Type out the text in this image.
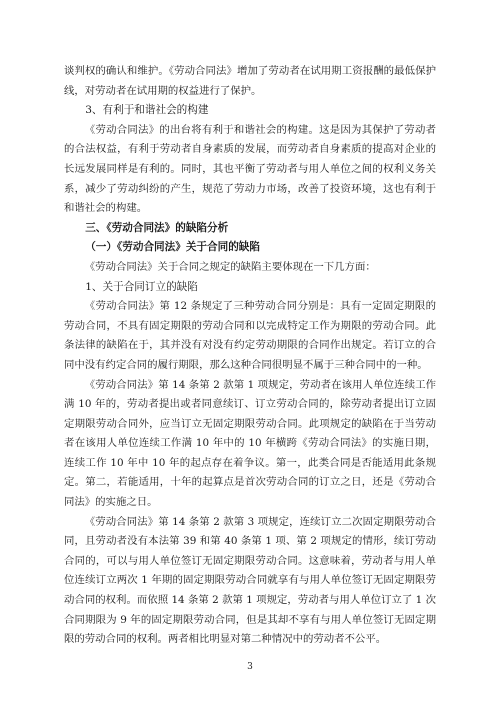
谈判权的确认和维护。《劳动合同法》增加了劳动者在试用期工资报酬的最低保护线，对劳动者在试用期的权益进行了保护。

3、有利于和谐社会的构建

《劳动合同法》的出台将有利于和谐社会的构建。这是因为其保护了劳动者的合法权益，有利于劳动者自身素质的发展，而劳动者自身素质的提高对企业的长远发展同样是有利的。同时，其也平衡了劳动者与用人单位之间的权利义务关系，减少了劳动纠纷的产生，规范了劳动力市场，改善了投资环境，这也有利于和谐社会的构建。

三、《劳动合同法》的缺陷分析

（一）《劳动合同法》关于合同的缺陷

《劳动合同法》关于合同之规定的缺陷主要体现在一下几方面：

1、关于合同订立的缺陷

《劳动合同法》第 12 条规定了三种劳动合同分别是：具有一定固定期限的劳动合同，不具有固定期限的劳动合同和以完成特定工作为期限的劳动合同。此条法律的缺陷在于，其并没有对没有约定劳动期限的合同作出规定。若订立的合同中没有约定合同的履行期限，那么这种合同很明显不属于三种合同中的一种。

《劳动合同法》第 14 条第 2 款第 1 项规定，劳动者在该用人单位连续工作满 10 年的，劳动者提出或者同意续订、订立劳动合同的，除劳动者提出订立固定期限劳动合同外，应当订立无固定期限劳动合同。此项规定的缺陷在于当劳动者在该用人单位连续工作满 10 年中的 10 年横跨《劳动合同法》的实施日期，连续工作 10 年中 10 年的起点存在着争议。第一，此类合同是否能适用此条规定。第二，若能适用，十年的起算点是首次劳动合同的订立之日，还是《劳动合同法》的实施之日。

《劳动合同法》第 14 条第 2 款第 3 项规定，连续订立二次固定期限劳动合同，且劳动者没有本法第 39 和第 40 条第 1 项、第 2 项规定的情形，续订劳动合同的，可以与用人单位签订无固定期限劳动合同。这意味着，劳动者与用人单位连续订立两次 1 年期的固定期限劳动合同就享有与用人单位签订无固定期限劳动合同的权利。而依照 14 条第 2 款第 1 项规定，劳动者与用人单位订立了 1 次合同期限为 9 年的固定期限劳动合同，但是其却不享有与用人单位签订无固定期限的劳动合同的权利。两者相比明显对第二种情况中的劳动者不公平。

3
